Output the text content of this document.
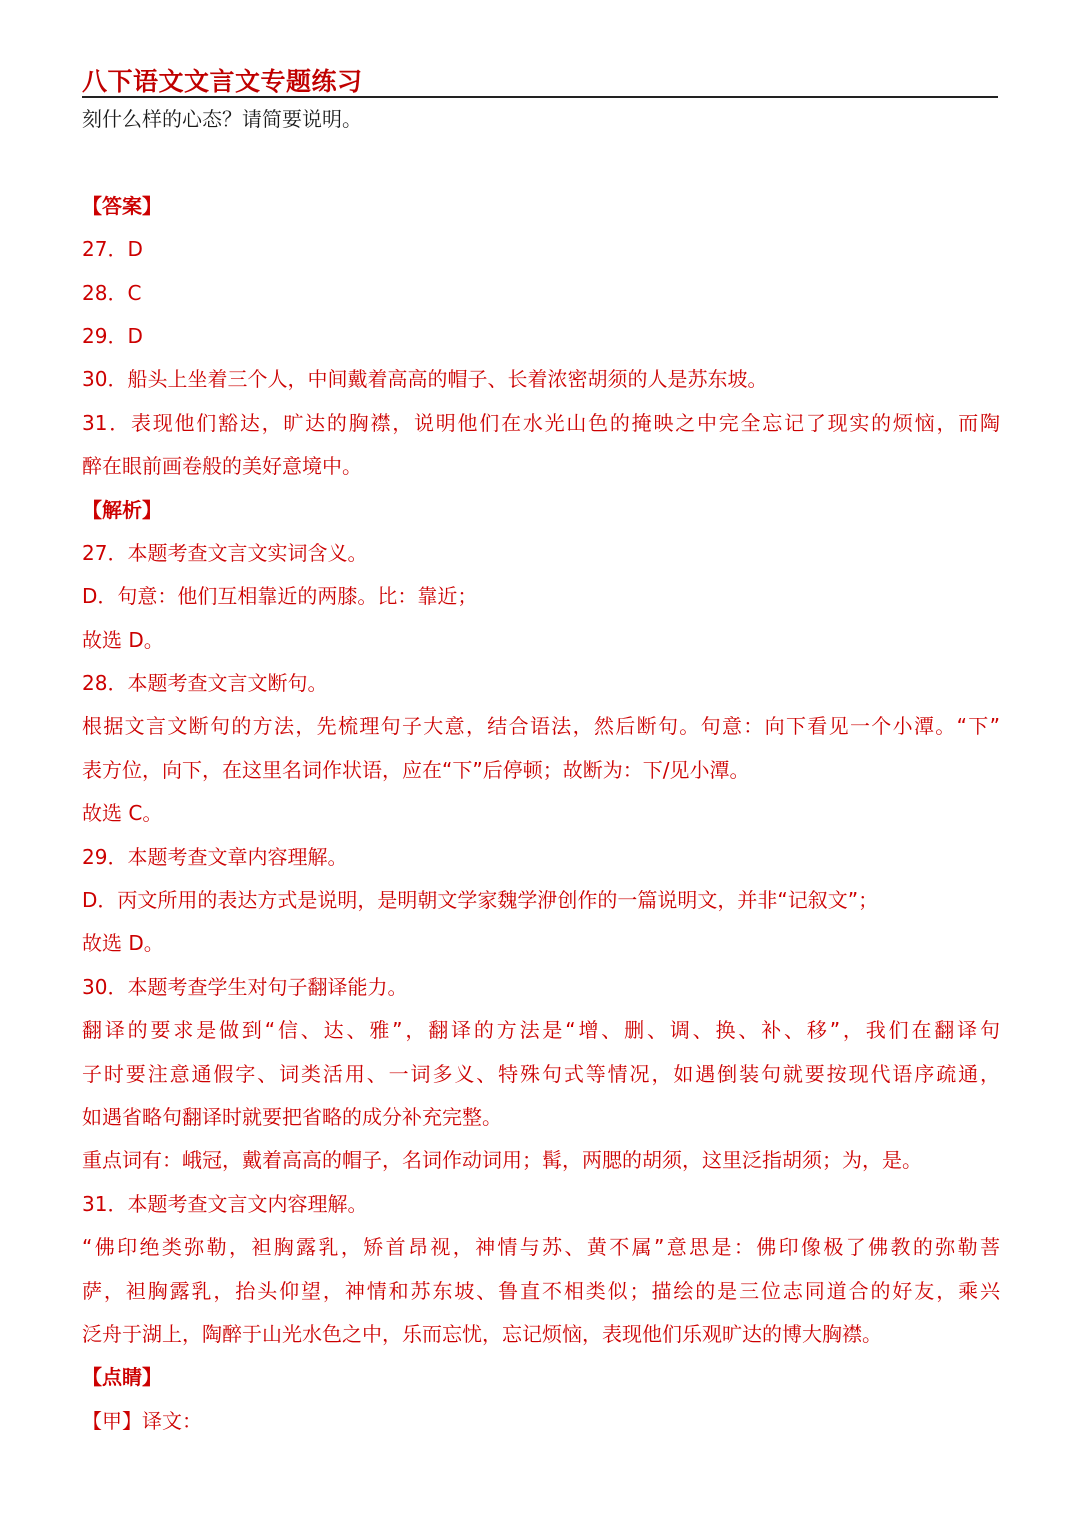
八下语文文言文专题练习
刻什么样的心态？请简要说明。
【答案】
27．D
28．C
29．D
30．船头上坐着三个人，中间戴着高高的帽子、长着浓密胡须的人是苏东坡。
31．表现他们豁达，旷达的胸襟，说明他们在水光山色的掩映之中完全忘记了现实的烦恼，而陶
醉在眼前画卷般的美好意境中。
【解析】
27．本题考查文言文实词含义。
D．句意：他们互相靠近的两膝。比：靠近；
故选 D。
28．本题考查文言文断句。
根据文言文断句的方法，先梳理句子大意，结合语法，然后断句。句意：向下看见一个小潭。“下”
表方位，向下，在这里名词作状语，应在“下”后停顿；故断为：下/见小潭。
故选 C。
29．本题考查文章内容理解。
D．丙文所用的表达方式是说明，是明朝文学家魏学洢创作的一篇说明文，并非“记叙文”；
故选 D。
30．本题考查学生对句子翻译能力。
翻译的要求是做到“信、达、雅”，翻译的方法是“增、删、调、换、补、移”，我们在翻译句
子时要注意通假字、词类活用、一词多义、特殊句式等情况，如遇倒装句就要按现代语序疏通，
如遇省略句翻译时就要把省略的成分补充完整。
重点词有：峨冠，戴着高高的帽子，名词作动词用；髯，两腮的胡须，这里泛指胡须；为，是。
31．本题考查文言文内容理解。
“佛印绝类弥勒，袒胸露乳，矫首昂视，神情与苏、黄不属”意思是：佛印像极了佛教的弥勒菩
萨，袒胸露乳，抬头仰望，神情和苏东坡、鲁直不相类似；描绘的是三位志同道合的好友，乘兴
泛舟于湖上，陶醉于山光水色之中，乐而忘忧，忘记烦恼，表现他们乐观旷达的博大胸襟。
【点睛】
【甲】译文：
